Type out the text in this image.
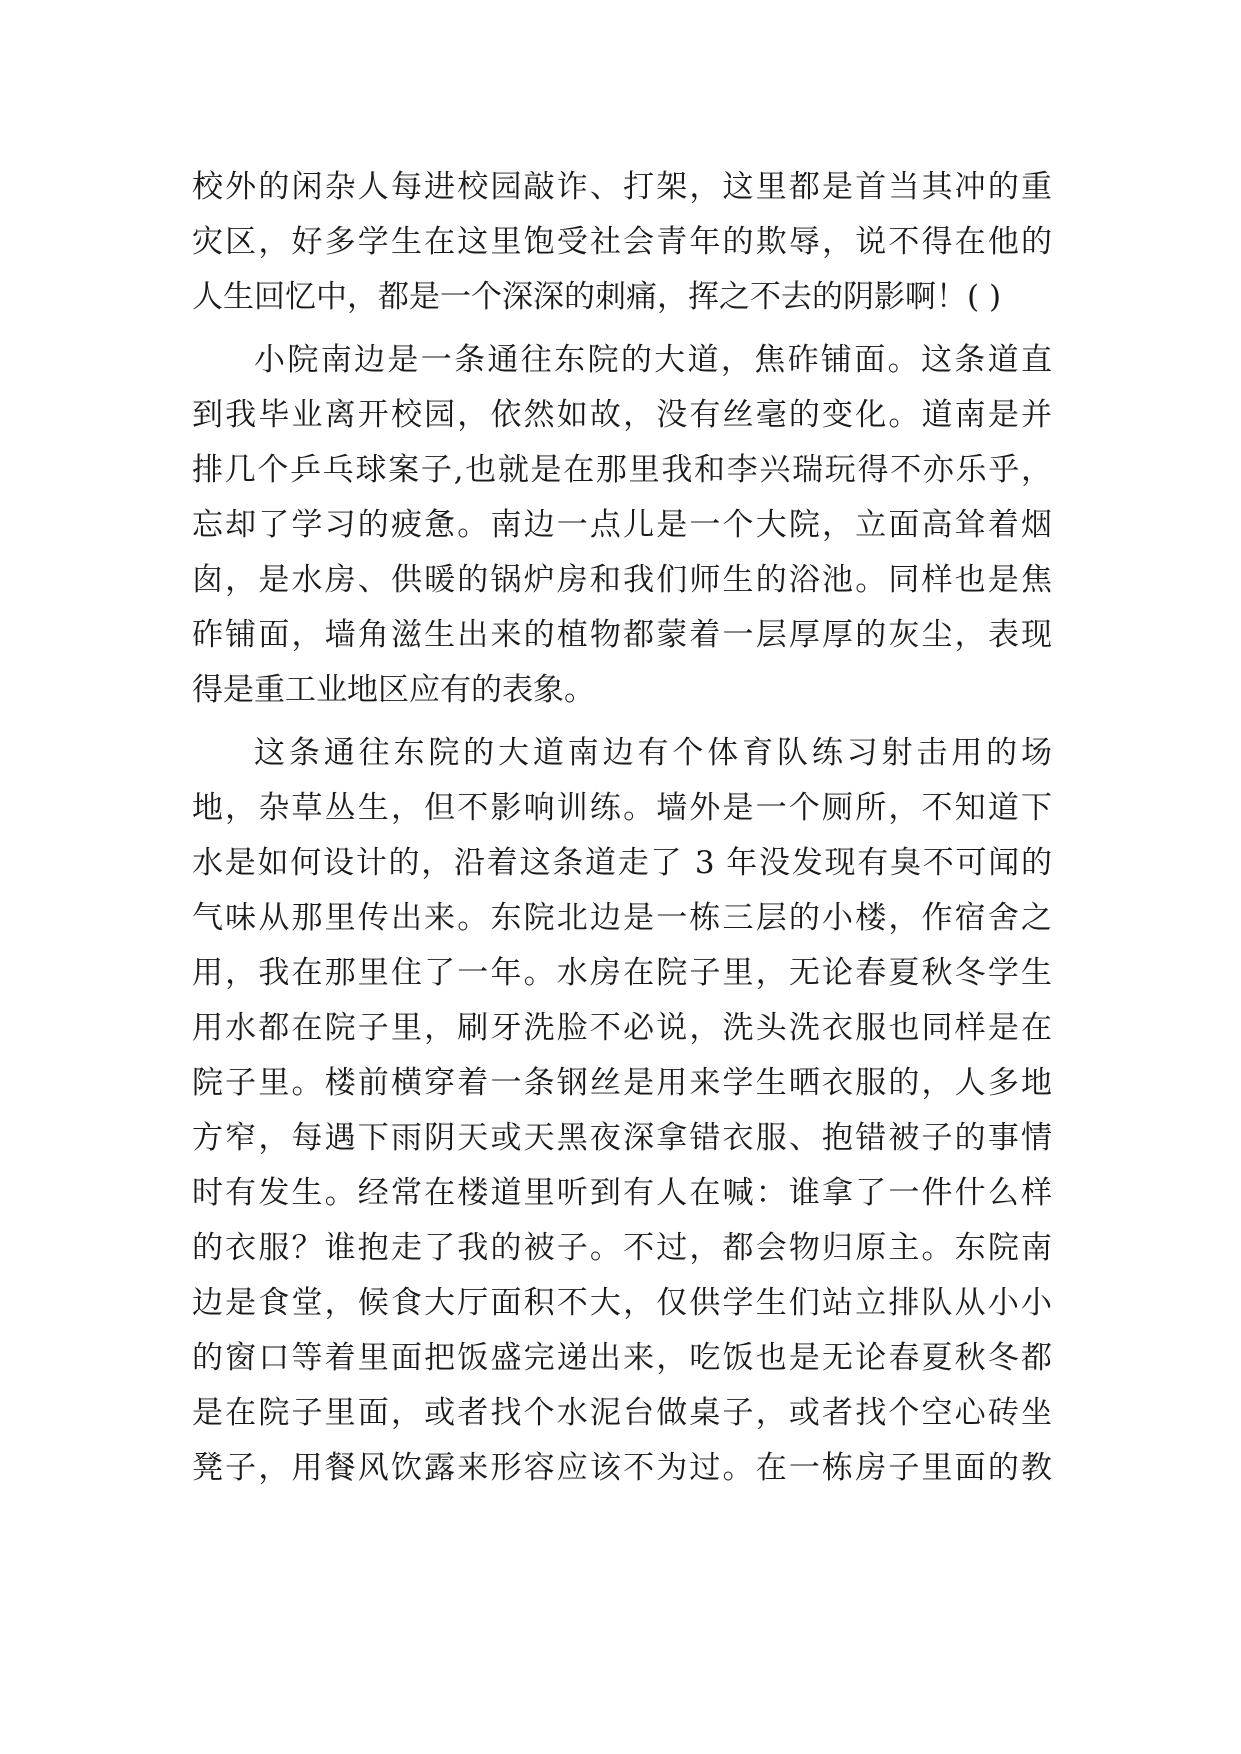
校外的闲杂人每进校园敲诈、打架，这里都是首当其冲的重
灾区，好多学生在这里饱受社会青年的欺辱，说不得在他的
人生回忆中，都是一个深深的刺痛，挥之不去的阴影啊！( )
小院南边是一条通往东院的大道，焦砟铺面。这条道直
到我毕业离开校园，依然如故，没有丝毫的变化。道南是并
排几个乒乓球案子,也就是在那里我和李兴瑞玩得不亦乐乎，
忘却了学习的疲惫。南边一点儿是一个大院，立面高耸着烟
囱，是水房、供暖的锅炉房和我们师生的浴池。同样也是焦
砟铺面，墙角滋生出来的植物都蒙着一层厚厚的灰尘，表现
得是重工业地区应有的表象。
这条通往东院的大道南边有个体育队练习射击用的场
地，杂草丛生，但不影响训练。墙外是一个厕所，不知道下
水是如何设计的，沿着这条道走了 3 年没发现有臭不可闻的
气味从那里传出来。东院北边是一栋三层的小楼，作宿舍之
用，我在那里住了一年。水房在院子里，无论春夏秋冬学生
用水都在院子里，刷牙洗脸不必说，洗头洗衣服也同样是在
院子里。楼前横穿着一条钢丝是用来学生晒衣服的，人多地
方窄，每遇下雨阴天或天黑夜深拿错衣服、抱错被子的事情
时有发生。经常在楼道里听到有人在喊：谁拿了一件什么样
的衣服？谁抱走了我的被子。不过，都会物归原主。东院南
边是食堂，候食大厅面积不大，仅供学生们站立排队从小小
的窗口等着里面把饭盛完递出来，吃饭也是无论春夏秋冬都
是在院子里面，或者找个水泥台做桌子，或者找个空心砖坐
凳子，用餐风饮露来形容应该不为过。在一栋房子里面的教
